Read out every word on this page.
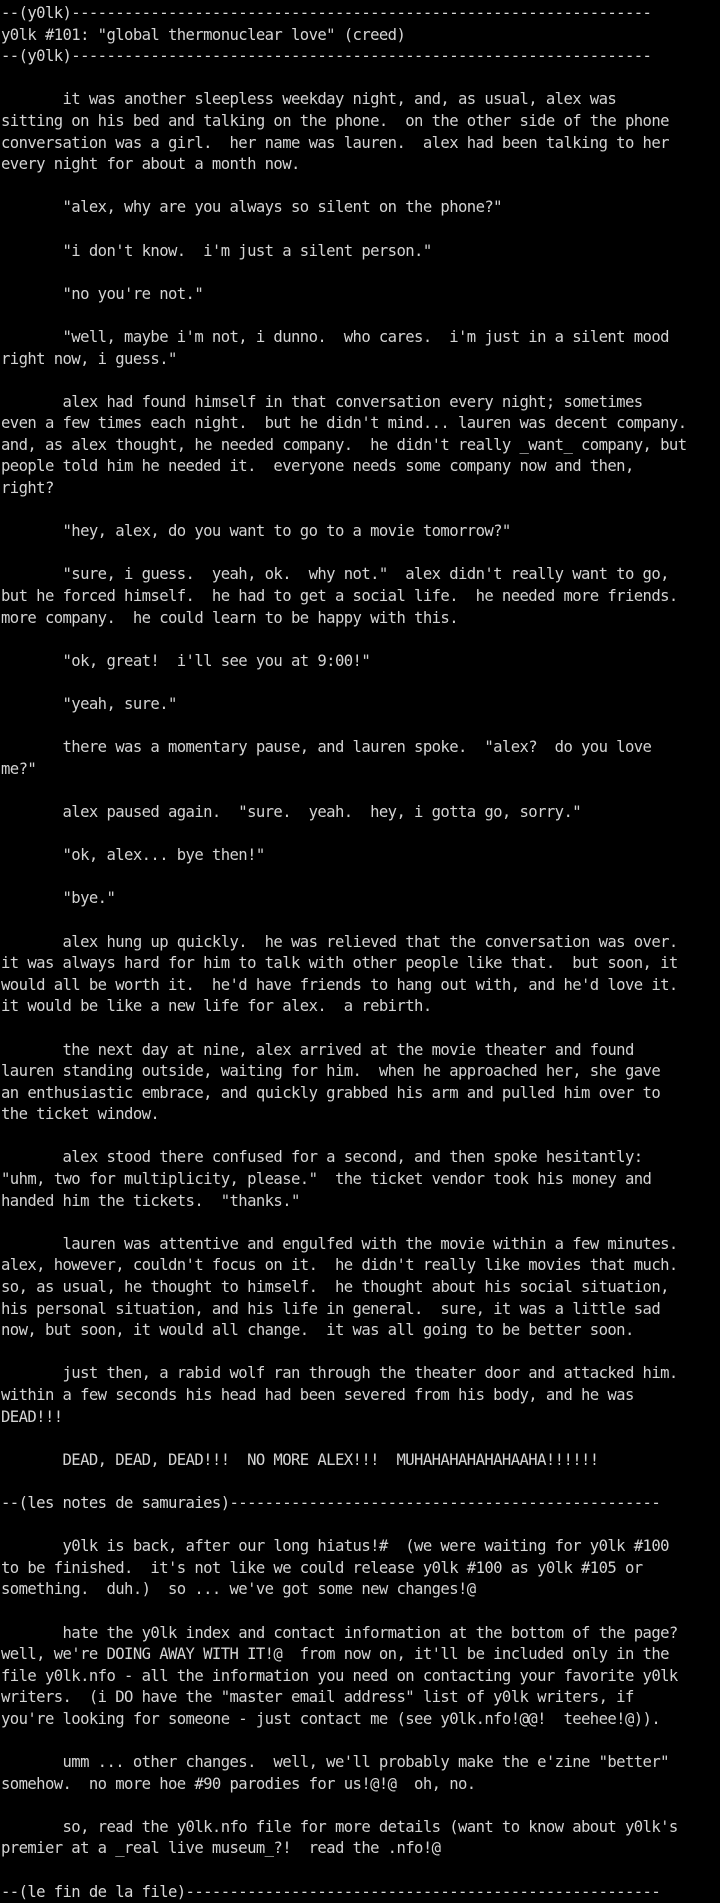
--(y0lk)------------------------------------------------------------------
y0lk #101: "global thermonuclear love" (creed)
--(y0lk)------------------------------------------------------------------
it was another sleepless weekday night, and, as usual, alex was
sitting on his bed and talking on the phone.  on the other side of the phone
conversation was a girl.  her name was lauren.  alex had been talking to her
every night for about a month now.
"alex, why are you always so silent on the phone?"
"i don't know.  i'm just a silent person."
"no you're not."
"well, maybe i'm not, i dunno.  who cares.  i'm just in a silent mood
right now, i guess."
alex had found himself in that conversation every night; sometimes
even a few times each night.  but he didn't mind... lauren was decent company.
and, as alex thought, he needed company.  he didn't really _want_ company, but
people told him he needed it.  everyone needs some company now and then,
right?
"hey, alex, do you want to go to a movie tomorrow?"
"sure, i guess.  yeah, ok.  why not."  alex didn't really want to go,
but he forced himself.  he had to get a social life.  he needed more friends.
more company.  he could learn to be happy with this.
"ok, great!  i'll see you at 9:00!"
"yeah, sure."
there was a momentary pause, and lauren spoke.  "alex?  do you love
me?"
alex paused again.  "sure.  yeah.  hey, i gotta go, sorry."
"ok, alex... bye then!"
"bye."
alex hung up quickly.  he was relieved that the conversation was over.
it was always hard for him to talk with other people like that.  but soon, it
would all be worth it.  he'd have friends to hang out with, and he'd love it.
it would be like a new life for alex.  a rebirth.
the next day at nine, alex arrived at the movie theater and found
lauren standing outside, waiting for him.  when he approached her, she gave
an enthusiastic embrace, and quickly grabbed his arm and pulled him over to
the ticket window.
alex stood there confused for a second, and then spoke hesitantly:
"uhm, two for multiplicity, please."  the ticket vendor took his money and
handed him the tickets.  "thanks."
lauren was attentive and engulfed with the movie within a few minutes.
alex, however, couldn't focus on it.  he didn't really like movies that much.
so, as usual, he thought to himself.  he thought about his social situation,
his personal situation, and his life in general.  sure, it was a little sad
now, but soon, it would all change.  it was all going to be better soon.
just then, a rabid wolf ran through the theater door and attacked him.
within a few seconds his head had been severed from his body, and he was
DEAD!!!
DEAD, DEAD, DEAD!!!  NO MORE ALEX!!!  MUHAHAHAHAHAHAAHA!!!!!!
--(les notes de samuraies)-------------------------------------------------
y0lk is back, after our long hiatus!#  (we were waiting for y0lk #100
to be finished.  it's not like we could release y0lk #100 as y0lk #105 or
something.  duh.)  so ... we've got some new changes!@
hate the y0lk index and contact information at the bottom of the page?
well, we're DOING AWAY WITH IT!@  from now on, it'll be included only in the
file y0lk.nfo - all the information you need on contacting your favorite y0lk
writers.  (i DO have the "master email address" list of y0lk writers, if
you're looking for someone - just contact me (see y0lk.nfo!@@!  teehee!@)).
umm ... other changes.  well, we'll probably make the e'zine "better"
somehow.  no more hoe #90 parodies for us!@!@  oh, no.
so, read the y0lk.nfo file for more details (want to know about y0lk's
premier at a _real live museum_?!  read the .nfo!@
--(le fin de la file)------------------------------------------------------
